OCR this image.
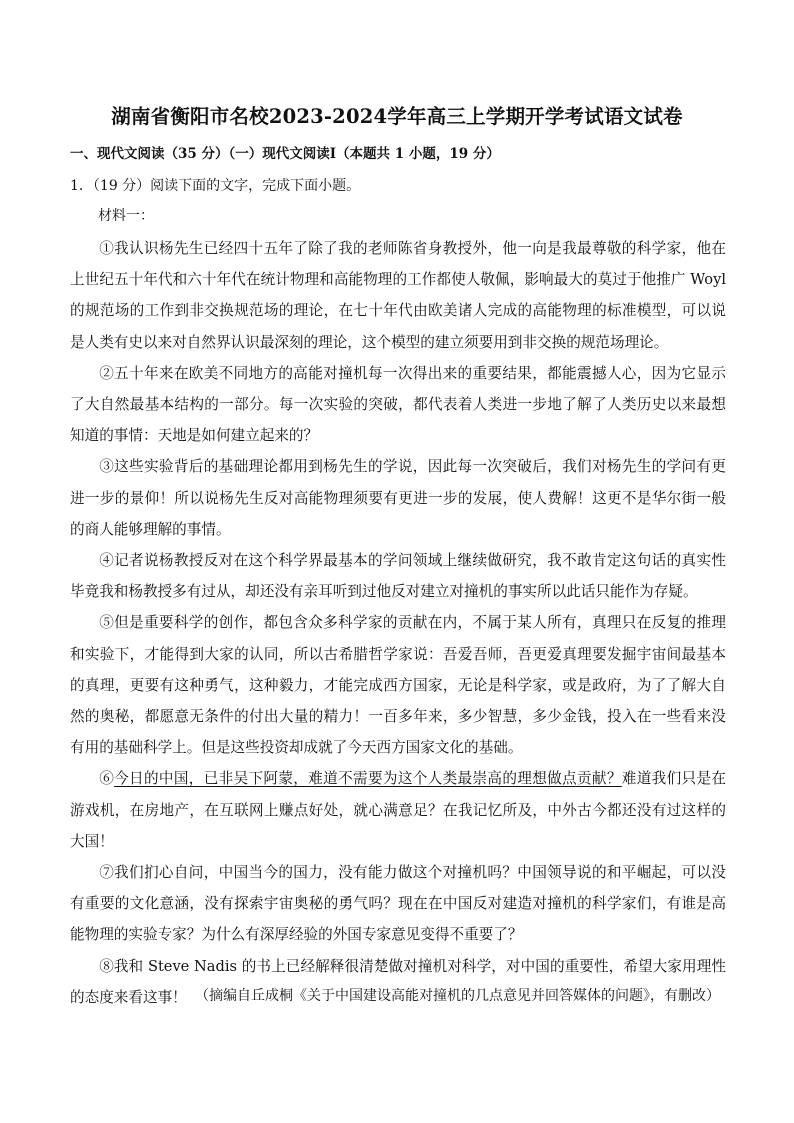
湖南省衡阳市名校2023-2024学年高三上学期开学考试语文试卷
一、现代文阅读（35 分）（一）现代文阅读Ⅰ（本题共 1 小题，19 分）
1．（19 分）阅读下面的文字，完成下面小题。
材料一：

①我认识杨先生已经四十五年了除了我的老师陈省身教授外，他一向是我最尊敬的科学家，他在上世纪五十年代和六十年代在统计物理和高能物理的工作都使人敬佩，影响最大的莫过于他推广 Woyl 的规范场的工作到非交换规范场的理论，在七十年代由欧美诸人完成的高能物理的标准模型，可以说是人类有史以来对自然界认识最深刻的理论，这个模型的建立须要用到非交换的规范场理论。

②五十年来在欧美不同地方的高能对撞机每一次得出来的重要结果，都能震撼人心，因为它显示了大自然最基本结构的一部分。每一次实验的突破，都代表着人类进一步地了解了人类历史以来最想知道的事情：天地是如何建立起来的？

③这些实验背后的基础理论都用到杨先生的学说，因此每一次突破后，我们对杨先生的学问有更进一步的景仰！所以说杨先生反对高能物理须要有更进一步的发展，使人费解！这更不是华尔街一般的商人能够理解的事情。

④记者说杨教授反对在这个科学界最基本的学问领域上继续做研究，我不敢肯定这句话的真实性毕竟我和杨教授多有过从，却还没有亲耳听到过他反对建立对撞机的事实所以此话只能作为存疑。

⑤但是重要科学的创作，都包含众多科学家的贡献在内，不属于某人所有，真理只在反复的推理和实验下，才能得到大家的认同，所以古希腊哲学家说：吾爱吾师，吾更爱真理要发掘宇宙间最基本的真理，更要有这种勇气，这种毅力，才能完成西方国家，无论是科学家，或是政府，为了了解大自然的奥秘，都愿意无条件的付出大量的精力！一百多年来，多少智慧，多少金钱，投入在一些看来没有用的基础科学上。但是这些投资却成就了今天西方国家文化的基础。

⑥今日的中国，已非吴下阿蒙，难道不需要为这个人类最崇高的理想做点贡献？难道我们只是在游戏机，在房地产，在互联网上赚点好处，就心满意足？在我记忆所及，中外古今都还没有过这样的大国！

⑦我们扪心自问，中国当今的国力，没有能力做这个对撞机吗？中国领导说的和平崛起，可以没有重要的文化意涵，没有探索宇宙奥秘的勇气吗？现在在中国反对建造对撞机的科学家们，有谁是高能物理的实验专家？为什么有深厚经验的外国专家意见变得不重要了？

⑧我和 Steve Nadis 的书上已经解释很清楚做对撞机对科学，对中国的重要性，希望大家用理性的态度来看这事！ （摘编自丘成桐《关于中国建设高能对撞机的几点意见并回答媒体的问题》，有删改）
